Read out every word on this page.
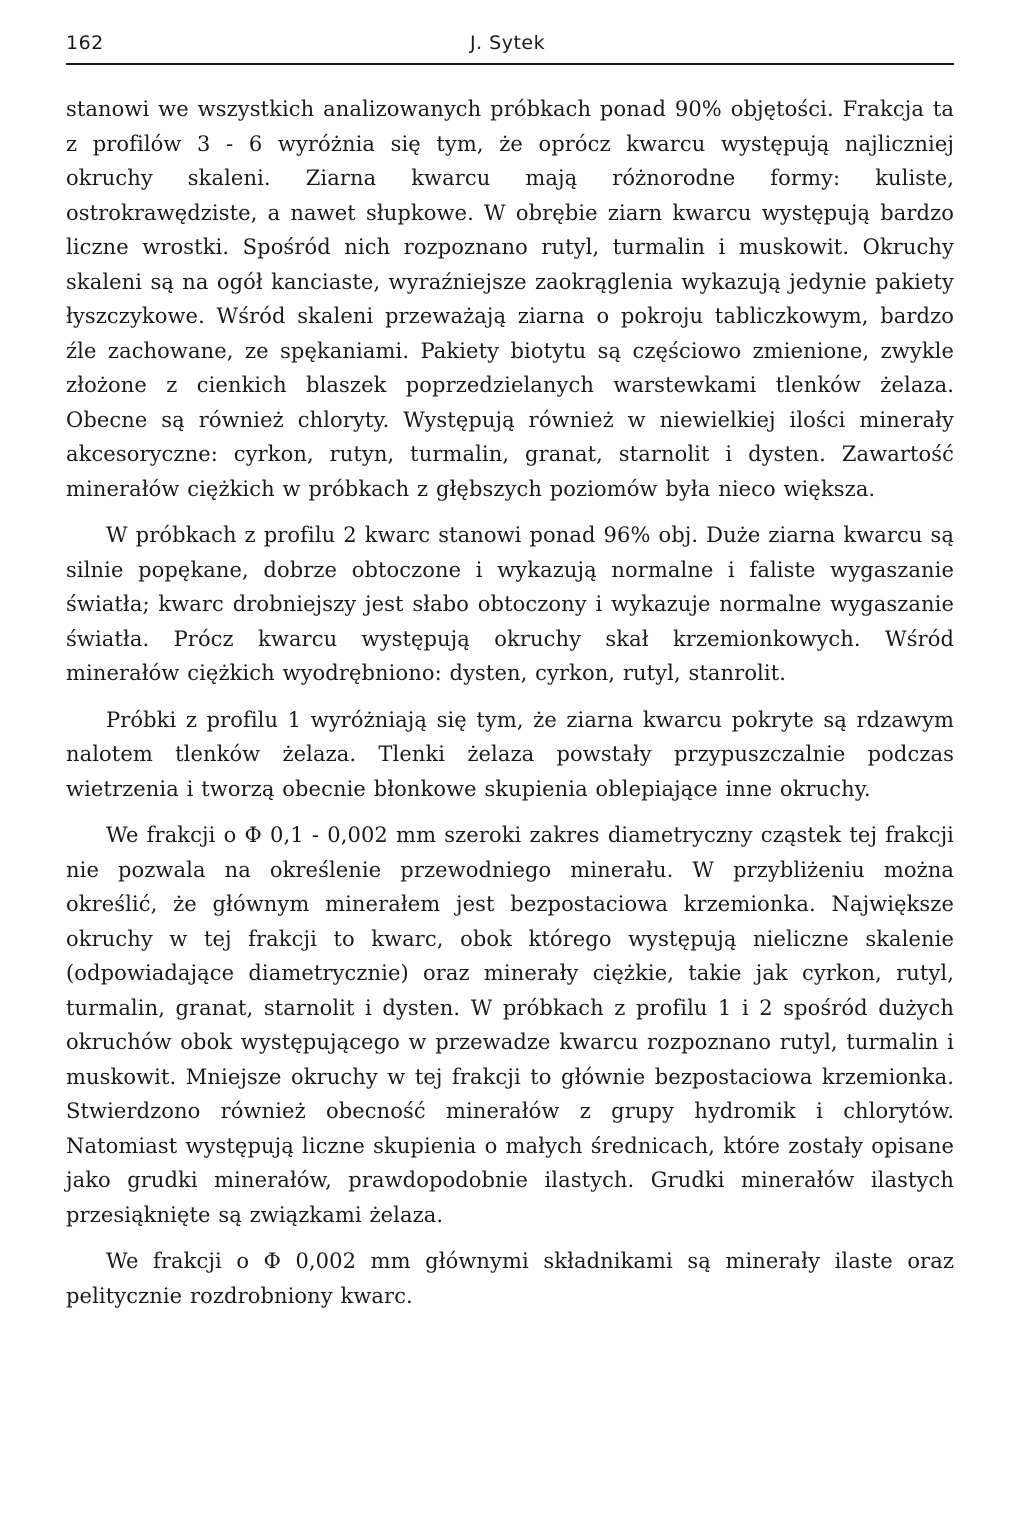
162	J. Sytek

stanowi we wszystkich analizowanych próbkach ponad 90% objętości. Frakcja ta z profilów 3 - 6 wyróżnia się tym, że oprócz kwarcu występują najliczniej okruchy skaleni. Ziarna kwarcu mają różnorodne formy: kuliste, ostrokrawędziste, a nawet słupkowe. W obrębie ziarn kwarcu występują bardzo liczne wrostki. Spośród nich rozpoznano rutyl, turmalin i muskowit. Okruchy skaleni są na ogół kanciaste, wyraźniejsze zaokrąglenia wykazują jedynie pakiety łyszczykowe. Wśród skaleni przeważają ziarna o pokroju tabliczkowym, bardzo źle zachowane, ze spękaniami. Pakiety biotytu są częściowo zmienione, zwykle złożone z cienkich blaszek poprzedzielanych warstewkami tlenków żelaza. Obecne są również chloryty. Występują również w niewielkiej ilości minerały akcesoryczne: cyrkon, rutyn, turmalin, granat, starnolit i dysten. Zawartość minerałów ciężkich w próbkach z głębszych poziomów była nieco większa.

W próbkach z profilu 2 kwarc stanowi ponad 96% obj. Duże ziarna kwarcu są silnie popękane, dobrze obtoczone i wykazują normalne i faliste wygaszanie światła; kwarc drobniejszy jest słabo obtoczony i wykazuje normalne wygaszanie światła. Prócz kwarcu występują okruchy skał krzemionkowych. Wśród minerałów ciężkich wyodrębniono: dysten, cyrkon, rutyl, stanrolit.

Próbki z profilu 1 wyróżniają się tym, że ziarna kwarcu pokryte są rdzawym nalotem tlenków żelaza. Tlenki żelaza powstały przypuszczalnie podczas wietrzenia i tworzą obecnie błonkowe skupienia oblepiające inne okruchy.

We frakcji o Φ 0,1 - 0,002 mm szeroki zakres diametryczny cząstek tej frakcji nie pozwala na określenie przewodniego minerału. W przybliżeniu można określić, że głównym minerałem jest bezpostaciowa krzemionka. Największe okruchy w tej frakcji to kwarc, obok którego występują nieliczne skalenie (odpowiadające diametrycznie) oraz minerały ciężkie, takie jak cyrkon, rutyl, turmalin, granat, starnolit i dysten. W próbkach z profilu 1 i 2 spośród dużych okruchów obok występującego w przewadze kwarcu rozpoznano rutyl, turmalin i muskowit. Mniejsze okruchy w tej frakcji to głównie bezpostaciowa krzemionka. Stwierdzono również obecność minerałów z grupy hydromik i chlorytów. Natomiast występują liczne skupienia o małych średnicach, które zostały opisane jako grudki minerałów, prawdopodobnie ilastych. Grudki minerałów ilastych przesiąknięte są związkami żelaza.

We frakcji o Φ 0,002 mm głównymi składnikami są minerały ilaste oraz pelitycznie rozdrobniony kwarc.
